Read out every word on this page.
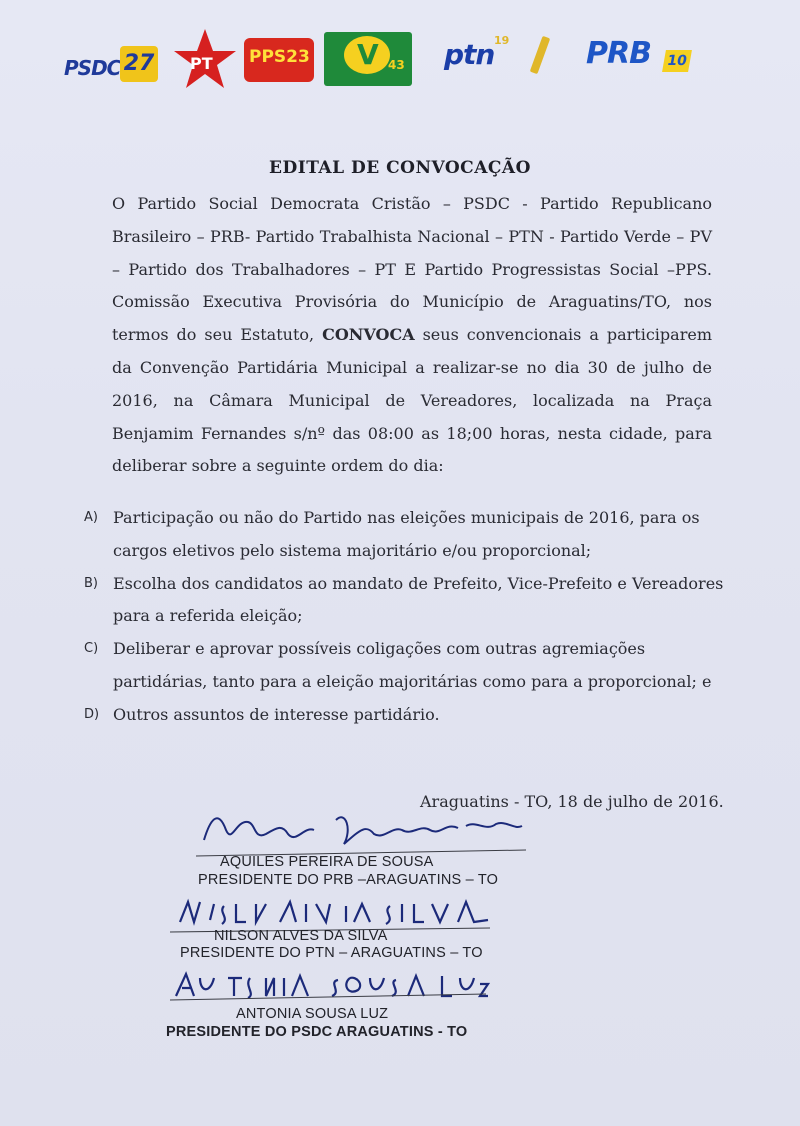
PSDC 27 PT PPS23 V 43 ptn 19	PRB 10
EDITAL DE CONVOCAÇÃO
O Partido Social Democrata Cristão – PSDC - Partido Republicano Brasileiro – PRB- Partido Trabalhista Nacional – PTN - Partido Verde – PV – Partido dos Trabalhadores – PT E Partido Progressistas Social –PPS. Comissão Executiva Provisória do Município de Araguatins/TO, nos termos do seu Estatuto, CONVOCA seus convencionais a participarem da Convenção Partidária Municipal a realizar-se no dia 30 de julho de 2016, na Câmara Municipal de Vereadores, localizada na Praça Benjamim Fernandes s/nº das 08:00 as 18;00 horas, nesta cidade, para deliberar sobre a seguinte ordem do dia:
A) Participação ou não do Partido nas eleições municipais de 2016, para os cargos eletivos pelo sistema majoritário e/ou proporcional;
B) Escolha dos candidatos ao mandato de Prefeito, Vice-Prefeito e Vereadores para a referida eleição;
C) Deliberar e aprovar possíveis coligações com outras agremiações partidárias, tanto para a eleição majoritárias como para a proporcional; e
D) Outros assuntos de interesse partidário.
Araguatins - TO, 18 de julho de 2016.
AQUILES PEREIRA DE SOUSA
PRESIDENTE DO PRB –ARAGUATINS – TO
NILSON ALVES DA SILVA
PRESIDENTE DO PTN – ARAGUATINS – TO
ANTONIA SOUSA LUZ
PRESIDENTE DO PSDC ARAGUATINS - TO
